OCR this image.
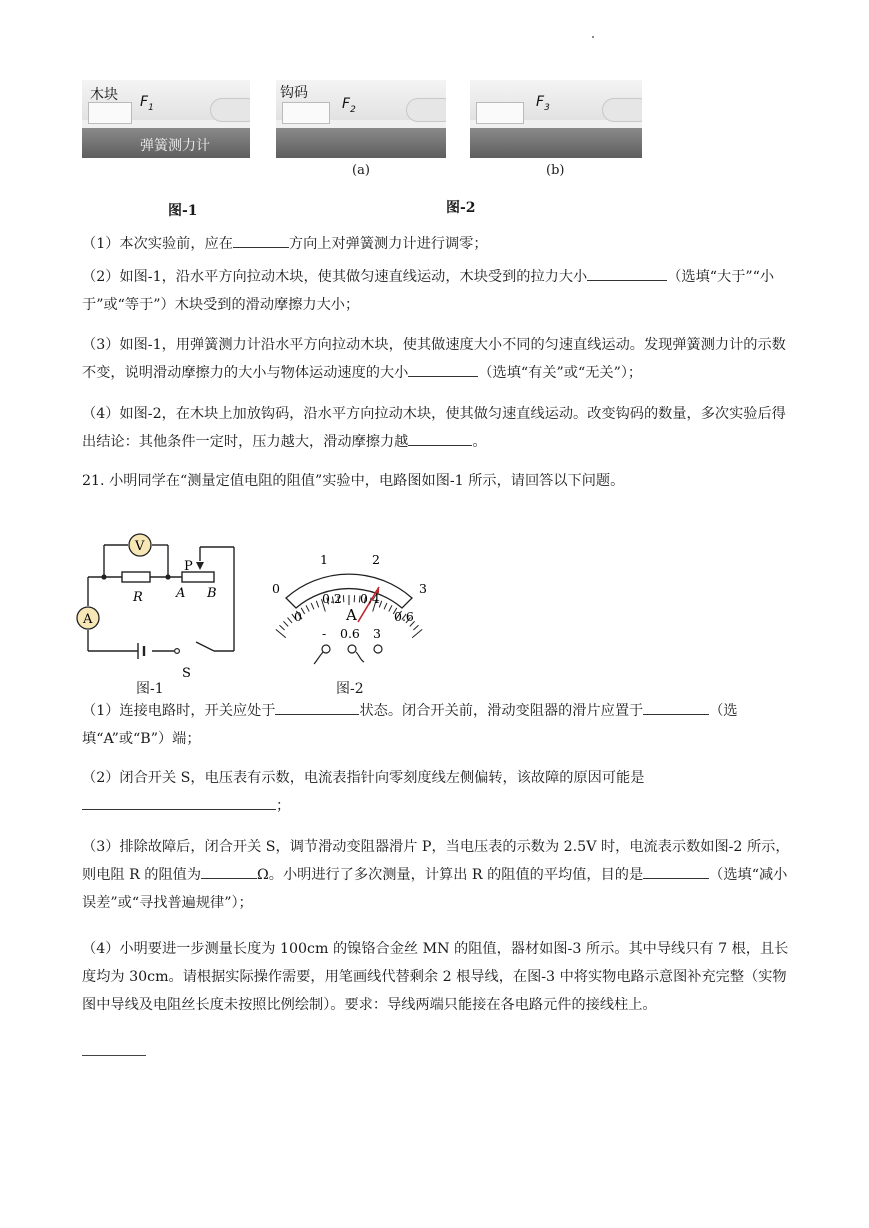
木块 $F_1$
弹簧测力计
钩码
$F_2$	$F_3$
(a)	(b)
图-1	图-2

（1）本次实验前，应在	方向上对弹簧测力计进行调零；

（2）如图-1，沿水平方向拉动木块，使其做匀速直线运动，木块受到的拉力大小	（选填“大于”“小于”或“等于”）木块受到的滑动摩擦力大小；

（3）如图-1，用弹簧测力计沿水平方向拉动木块，使其做速度大小不同的匀速直线运动。发现弹簧测力计的示数不变，说明滑动摩擦力的大小与物体运动速度的大小	（选填“有关”或“无关”）；

（4）如图-2，在木块上加放钩码，沿水平方向拉动木块，使其做匀速直线运动。改变钩码的数量，多次实验后得出结论：其他条件一定时，压力越大，滑动摩擦力越	。

21. 小明同学在“测量定值电阻的阻值”实验中，电路图如图-1 所示，请回答以下问题。

V
A
R
P
A B
S
图-1
0
1	2
3
0
0.2 0.4
0.6
A
- 0.6 3
图-2

（1）连接电路时，开关应处于	状态。闭合开关前，滑动变阻器的滑片应置于	（选填“A”或“B”）端；

（2）闭合开关 S，电压表有示数，电流表指针向零刻度线左侧偏转，该故障的原因可能是
；

（3）排除故障后，闭合开关 S，调节滑动变阻器滑片 P，当电压表的示数为 2.5V 时，电流表示数如图-2 所示，则电阻 R 的阻值为	Ω。小明进行了多次测量，计算出 R 的阻值的平均值，目的是	（选填“减小误差”或“寻找普遍规律”）；

（4）小明要进一步测量长度为 100cm 的镍铬合金丝 MN 的阻值，器材如图-3 所示。其中导线只有 7 根，且长度均为 30cm。请根据实际操作需要，用笔画线代替剩余 2 根导线，在图-3 中将实物电路示意图补充完整（实物图中导线及电阻丝长度未按照比例绘制）。要求：导线两端只能接在各电路元件的接线柱上。
